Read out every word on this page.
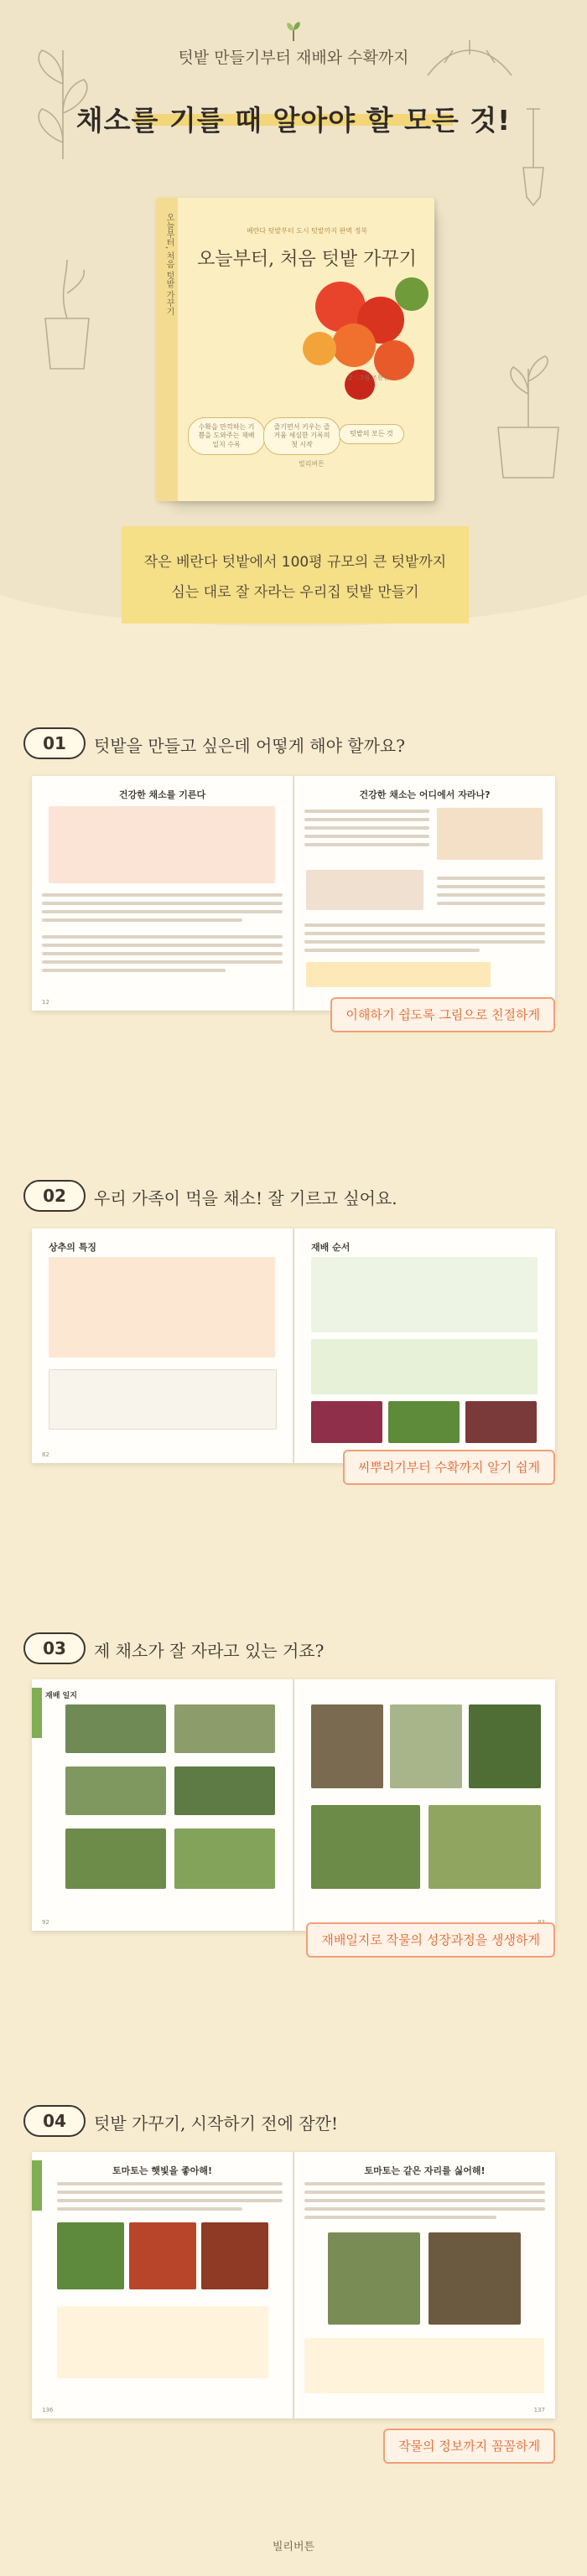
텃밭 만들기부터 재배와 수확까지
채소를 기를 때 알아야 할 모든 것!
오늘부터, 처음 텃밭 가꾸기	베란다 텃밭부터 도시 텃밭까지 완벽 정복
오늘부터, 처음 텃밭 가꾸기
글 · 그림 조현진
수확을 만끽하는 기쁨을 도와주는 재배일지 수록
즐기면서 키우는 즐거움 세심한 기록의 첫 시작
텃밭의 모든 것
빌리버튼
작은 베란다 텃밭에서 100평 규모의 큰 텃밭까지
심는 대로 잘 자라는 우리집 텃밭 만들기
01	텃밭을 만들고 싶은데 어떻게 해야 할까요?
건강한 채소를 기른다
12
건강한 채소는 어디에서 자라나?
이해하기 쉽도록 그림으로 친절하게
02	우리 가족이 먹을 채소! 잘 기르고 싶어요.
상추의 특징
62
재배 순서
씨뿌리기부터 수확까지 알기 쉽게
03	제 채소가 잘 자라고 있는 거죠?
재배 일지
92
재배일지로 작물의 성장과정을 생생하게
04	텃밭 가꾸기, 시작하기 전에 잠깐!
토마토는 햇빛을 좋아해!
136
토마토는 같은 자리를 싫어해!
137
작물의 정보까지 꼼꼼하게
빌리버튼
